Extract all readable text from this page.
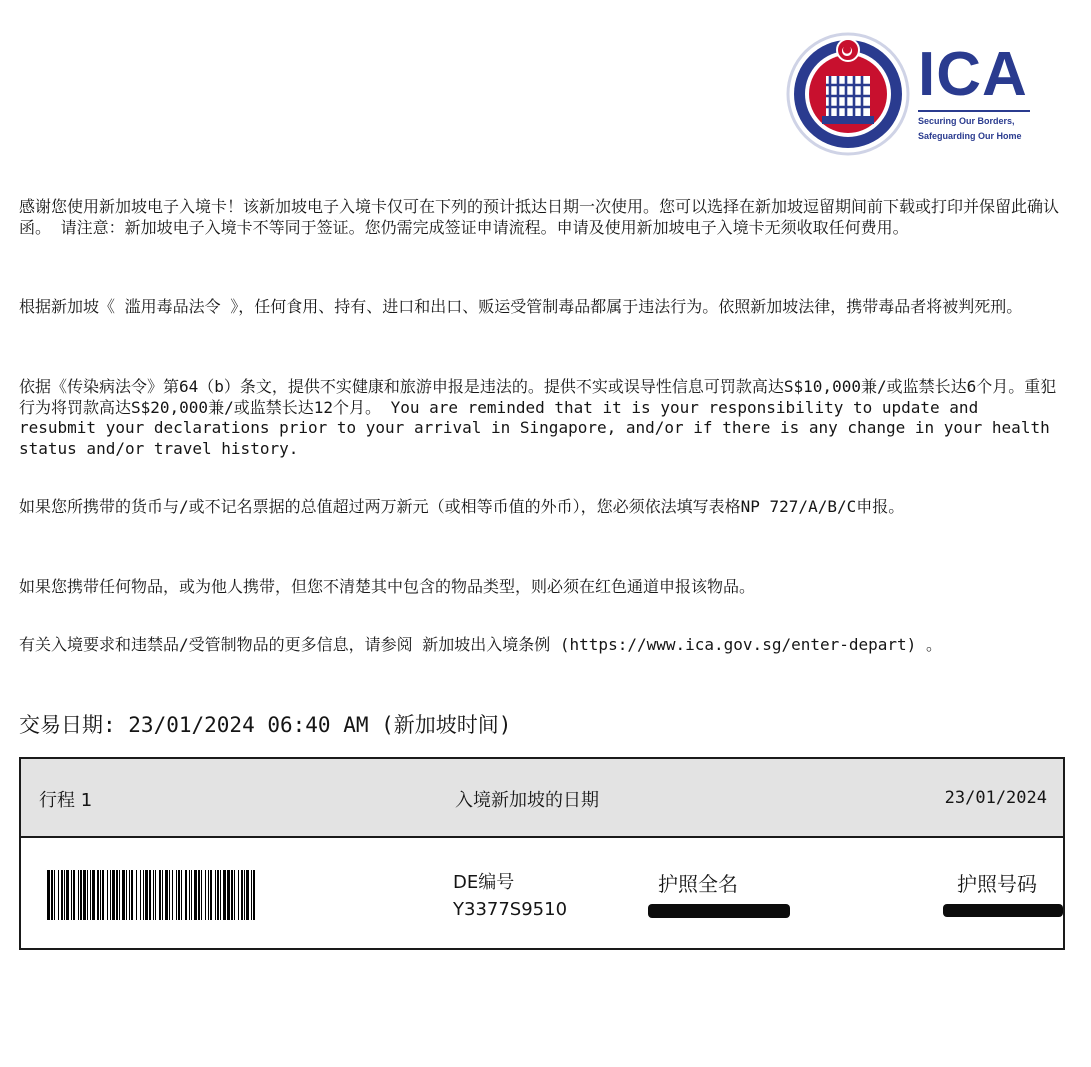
ICA
Securing Our Borders,
Safeguarding Our Home

感谢您使用新加坡电子入境卡！该新加坡电子入境卡仅可在下列的预计抵达日期一次使用。您可以选择在新加坡逗留期间前下载或打印并保留此确认函。 请注意：新加坡电子入境卡不等同于签证。您仍需完成签证申请流程。申请及使用新加坡电子入境卡无须收取任何费用。

根据新加坡《 滥用毒品法令 》，任何食用、持有、进口和出口、贩运受管制毒品都属于违法行为。依照新加坡法律，携带毒品者将被判死刑。

依据《传染病法令》第64（b）条文，提供不实健康和旅游申报是违法的。提供不实或误导性信息可罚款高达S$10,000兼/或监禁长达6个月。重犯行为将罚款高达S$20,000兼/或监禁长达12个月。 You are reminded that it is your responsibility to update and resubmit your declarations prior to your arrival in Singapore, and/or if there is any change in your health status and/or travel history.

如果您所携带的货币与/或不记名票据的总值超过两万新元（或相等币值的外币），您必须依法填写表格NP 727/A/B/C申报。

如果您携带任何物品，或为他人携带，但您不清楚其中包含的物品类型，则必须在红色通道申报该物品。

有关入境要求和违禁品/受管制物品的更多信息，请参阅 新加坡出入境条例 (https://www.ica.gov.sg/enter-depart) 。

交易日期: 23/01/2024 06:40 AM (新加坡时间)
行程 1	入境新加坡的日期	23/01/2024
DE编号
Y3377S9510
护照全名	护照号码
